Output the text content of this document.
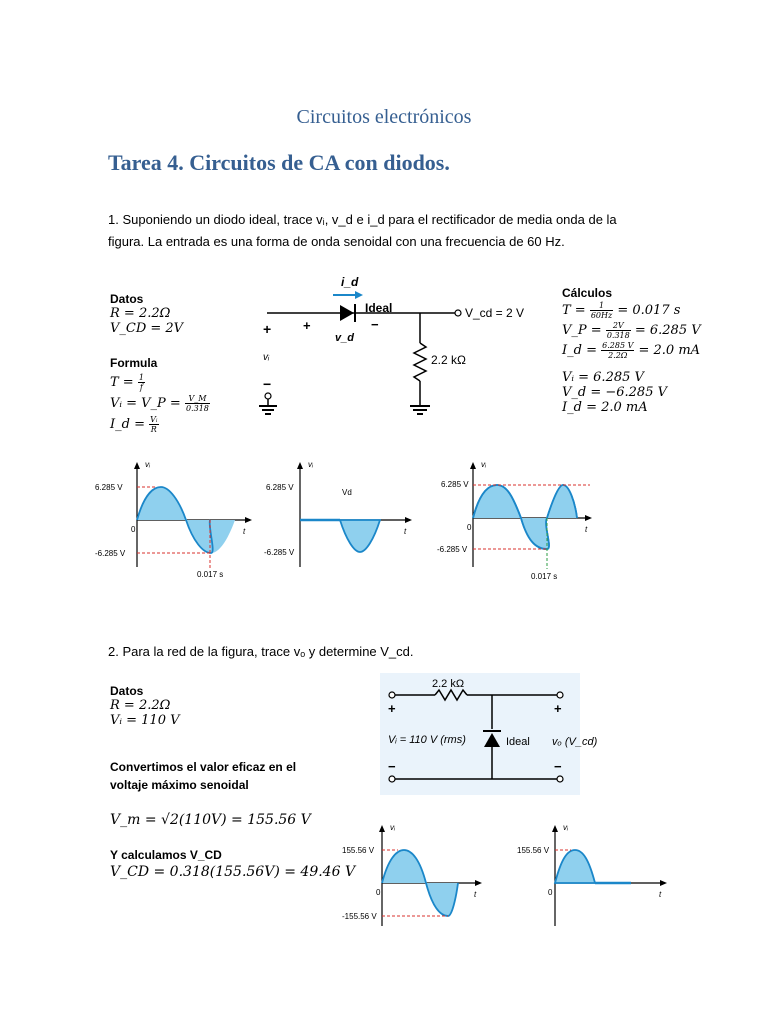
Circuitos electrónicos
Tarea 4. Circuitos de CA con diodos.
1. Suponiendo un diodo ideal, trace vᵢ, v_d e i_d para el rectificador de media onda de la
figura. La entrada es una forma de onda senoidal con una frecuencia de 60 Hz.
Datos
R = 2.2Ω
V_CD = 2V
Formula
$T = \frac{1}{f}$
Vᵢ = V_P = $\frac{V\_M}{0.318}$
I_d = $\frac{\text{Vᵢ}}{R}$
i_d
Ideal
+
v_d
−
V_cd = 2 V
2.2 kΩ
+
vᵢ
−
Cálculos
$T = \frac{1}{60Hz} = 0.017$ s
V_P = $\frac{2V}{0.318} = 6.285$ V
I_d = $\frac{6.285 V}{2.2\Omega} = 2.0$ mA
Vᵢ = 6.285 V
V_d = −6.285 V
I_d = 2.0 mA
vᵢ
t
6.285 V
0
-6.285 V
0.017 s
vᵢ
t
6.285 V
Vd
-6.285 V
vᵢ
t
6.285 V
0
-6.285 V
0.017 s
2. Para la red de la figura, trace vₒ y determine V_cd.
Datos
R = 2.2Ω
Vᵢ = 110 V
Convertimos el valor eficaz en el
voltaje máximo senoidal
V_m = √2(110V) = 155.56 V
Y calculamos V_CD
V_CD = 0.318(155.56V) = 49.46 V
2.2 kΩ
+	+
−	−
Vᵢ = 110 V (rms)	Ideal vₒ (V_cd)
vᵢ
t
155.56 V
0
-155.56 V
vᵢ
t
155.56 V
0
